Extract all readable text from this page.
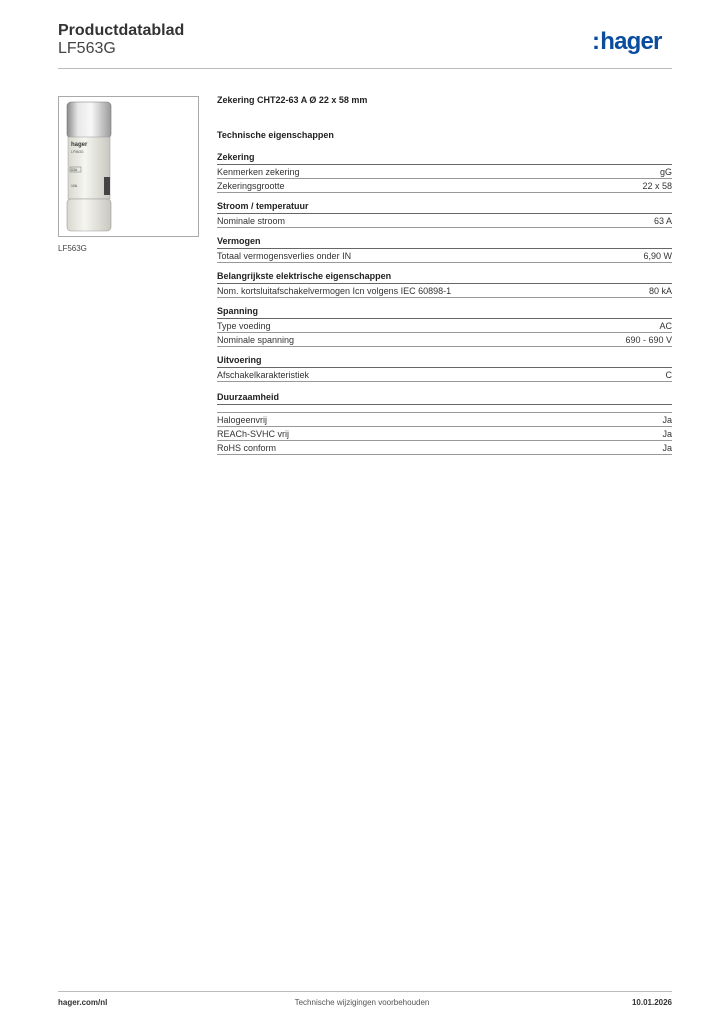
Productdatablad
LF563G	:hager
hager
LF563G
63A
10A
LF563G
Zekering CHT22-63 A Ø 22 x 58 mm
Technische eigenschappen
Zekering
Kenmerken zekering	gG
Zekeringsgrootte	22 x 58
Stroom / temperatuur
Nominale stroom	63 A
Vermogen
Totaal vermogensverlies onder IN	6,90 W
Belangrijkste elektrische eigenschappen
Nom. kortsluitafschakelvermogen Icn volgens IEC 60898-1	80 kA
Spanning
Type voeding	AC
Nominale spanning	690 - 690 V
Uitvoering
Afschakelkarakteristiek	C
Duurzaamheid
Halogeenvrij	Ja
REACh-SVHC vrij	Ja
RoHS conform	Ja
hager.com/nl	Technische wijzigingen voorbehouden	10.01.2026
